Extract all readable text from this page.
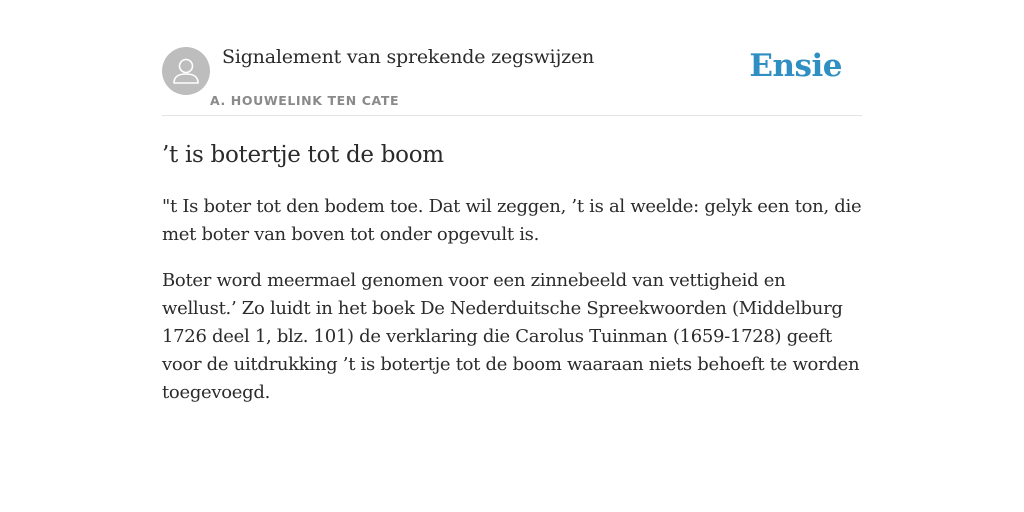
Signalement van sprekende zegswijzen
A. HOUWELINK TEN CATE
Ensie
’t is botertje tot de boom

"t Is boter tot den bodem toe. Dat wil zeggen, ’t is al weelde: gelyk een ton, die met boter van boven tot onder opgevult is.

Boter word meermael genomen voor een zinnebeeld van vettigheid en wellust.’ Zo luidt in het boek De Nederduitsche Spreekwoorden (Middelburg 1726 deel 1, blz. 101) de verklaring die Carolus Tuinman (1659-1728) geeft voor de uitdrukking ’t is botertje tot de boom waaraan niets behoeft te worden toegevoegd.
